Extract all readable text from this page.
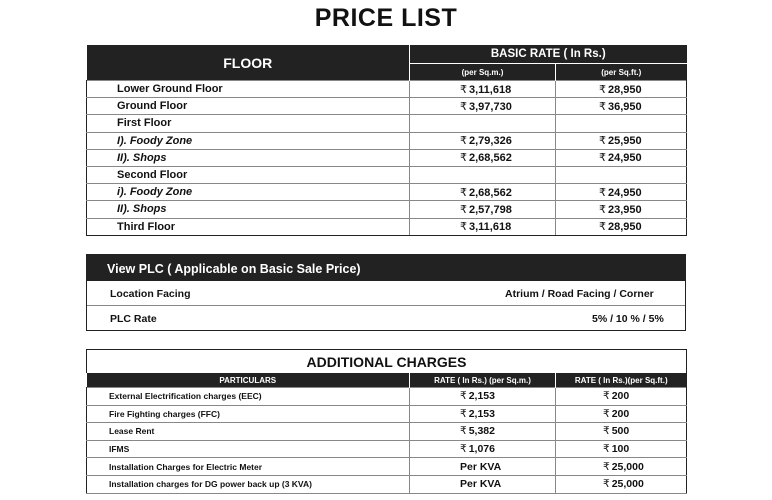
PRICE LIST
FLOOR	BASIC RATE ( In Rs.)	
	(per Sq.m.)	(per Sq.ft.)
Lower Ground Floor	₹ 3,11,618	₹ 28,950
Ground Floor	₹ 3,97,730	₹ 36,950
First Floor		
I). Foody Zone	₹ 2,79,326	₹ 25,950
II). Shops	₹ 2,68,562	₹ 24,950
Second Floor		
i). Foody Zone	₹ 2,68,562	₹ 24,950
II). Shops	₹ 2,57,798	₹ 23,950
Third Floor	₹ 3,11,618	₹ 28,950
View PLC ( Applicable on Basic Sale Price)
Location Facing	Atrium / Road Facing / Corner
PLC Rate	5% / 10 % / 5%
ADDITIONAL CHARGES		
PARTICULARS	RATE ( In Rs.) (per Sq.m.)	RATE ( In Rs.)(per Sq.ft.)
External Electrification charges (EEC)	₹ 2,153	₹ 200
Fire Fighting charges (FFC)	₹ 2,153	₹ 200
Lease Rent	₹ 5,382	₹ 500
IFMS	₹ 1,076	₹ 100
Installation Charges for Electric Meter	Per KVA	₹ 25,000
Installation charges for DG power back up (3 KVA)	Per KVA	₹ 25,000
